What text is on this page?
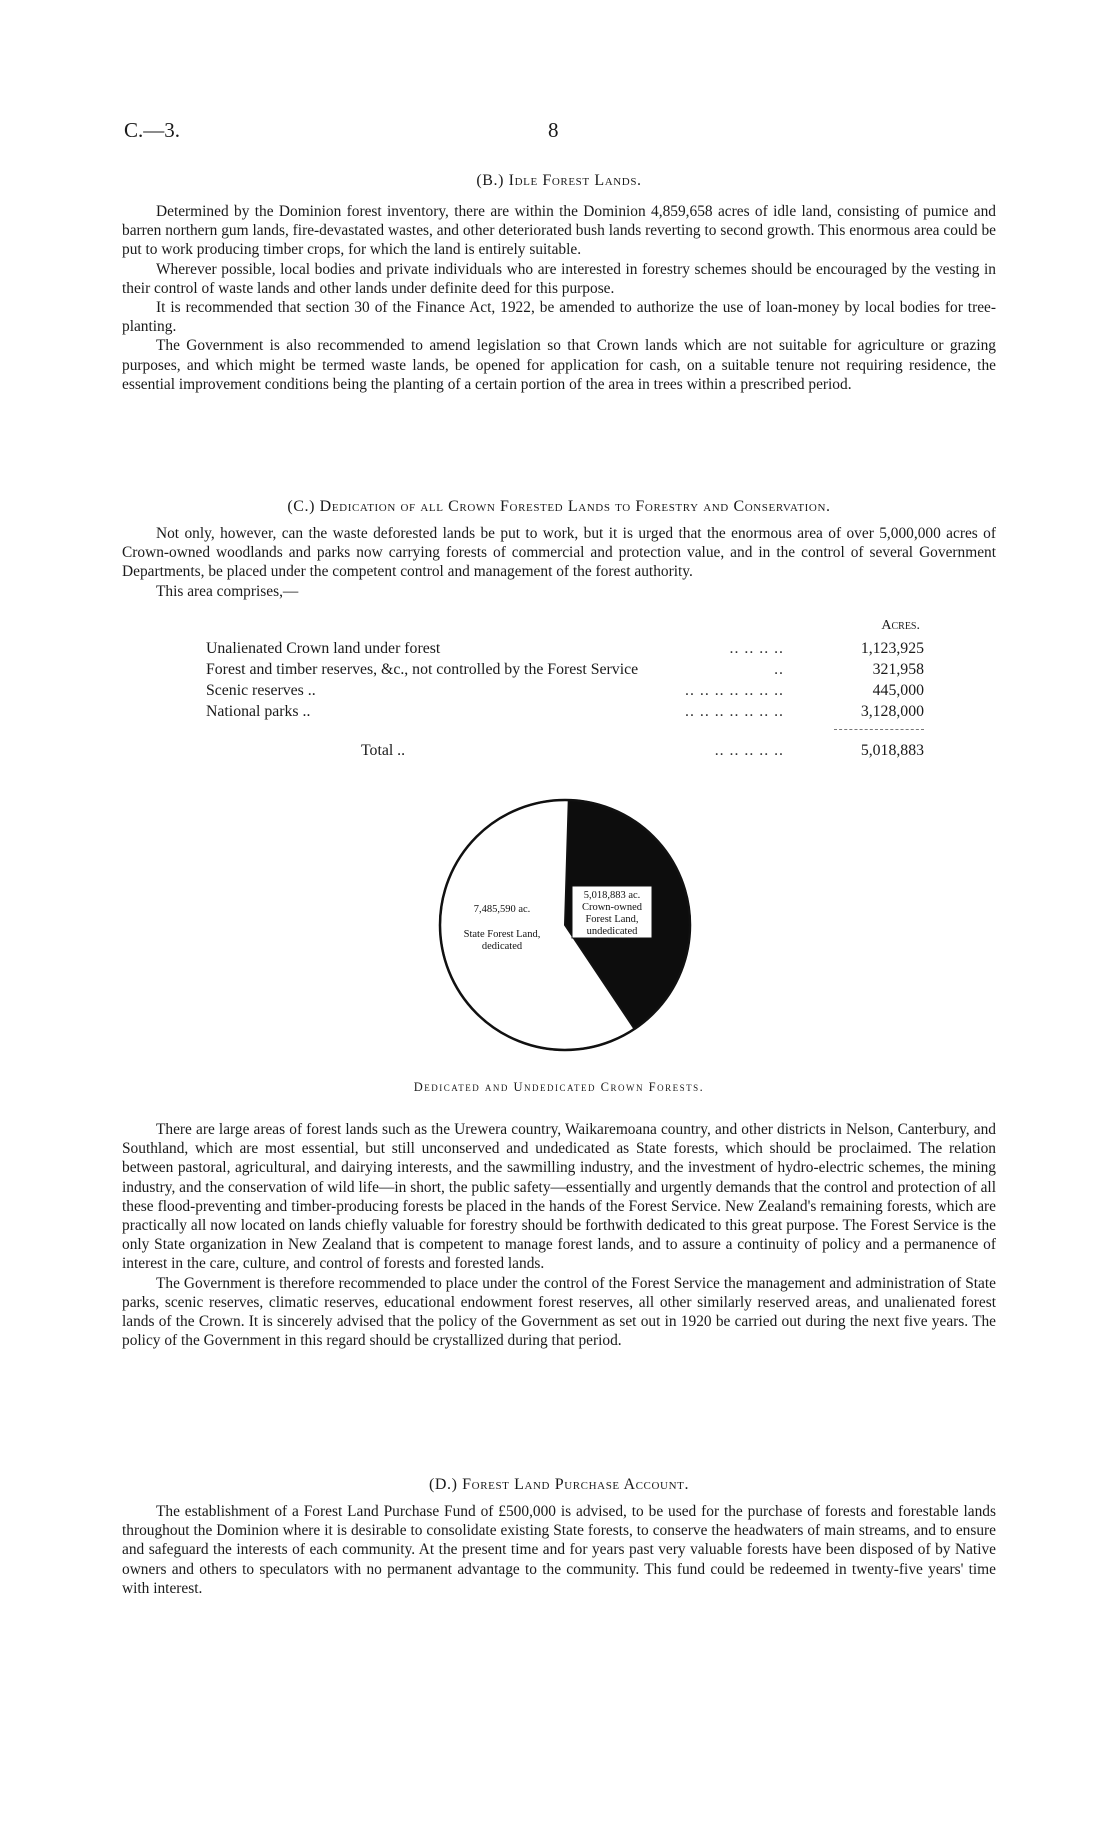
C.—3.	8

(B.) Idle Forest Lands.

Determined by the Dominion forest inventory, there are within the Dominion 4,859,658 acres of idle land, consisting of pumice and barren northern gum lands, fire-devastated wastes, and other deteriorated bush lands reverting to second growth. This enormous area could be put to work producing timber crops, for which the land is entirely suitable.

Wherever possible, local bodies and private individuals who are interested in forestry schemes should be encouraged by the vesting in their control of waste lands and other lands under definite deed for this purpose.

It is recommended that section 30 of the Finance Act, 1922, be amended to authorize the use of loan-money by local bodies for tree-planting.

The Government is also recommended to amend legislation so that Crown lands which are not suitable for agriculture or grazing purposes, and which might be termed waste lands, be opened for application for cash, on a suitable tenure not requiring residence, the essential improvement conditions being the planting of a certain portion of the area in trees within a prescribed period.

(C.) Dedication of all Crown Forested Lands to Forestry and Conservation.

Not only, however, can the waste deforested lands be put to work, but it is urged that the enormous area of over 5,000,000 acres of Crown-owned woodlands and parks now carrying forests of commercial and protection value, and in the control of several Government Departments, be placed under the competent control and management of the forest authority.

This area comprises,—

Acres.
Unalienated Crown land under forest	.. .. .. ..	1,123,925
Forest and timber reserves, &c., not controlled by the Forest Service	..	321,958
Scenic reserves ..	.. .. .. .. .. .. ..	445,000
National parks ..	.. .. .. .. .. .. ..	3,128,000
Total ..	.. .. .. .. ..	5,018,883
7,485,590 ac.
State Forest Land,
dedicated
5,018,883 ac.
Crown-owned
Forest Land,
undedicated
Dedicated and Undedicated Crown Forests.

There are large areas of forest lands such as the Urewera country, Waikaremoana country, and other districts in Nelson, Canterbury, and Southland, which are most essential, but still unconserved and undedicated as State forests, which should be proclaimed. The relation between pastoral, agricultural, and dairying interests, and the sawmilling industry, and the investment of hydro-electric schemes, the mining industry, and the conservation of wild life—in short, the public safety—essentially and urgently demands that the control and protection of all these flood-preventing and timber-producing forests be placed in the hands of the Forest Service. New Zealand's remaining forests, which are practically all now located on lands chiefly valuable for forestry should be forthwith dedicated to this great purpose. The Forest Service is the only State organization in New Zealand that is competent to manage forest lands, and to assure a continuity of policy and a permanence of interest in the care, culture, and control of forests and forested lands.

The Government is therefore recommended to place under the control of the Forest Service the management and administration of State parks, scenic reserves, climatic reserves, educational endowment forest reserves, all other similarly reserved areas, and unalienated forest lands of the Crown. It is sincerely advised that the policy of the Government as set out in 1920 be carried out during the next five years. The policy of the Government in this regard should be crystallized during that period.

(D.) Forest Land Purchase Account.

The establishment of a Forest Land Purchase Fund of £500,000 is advised, to be used for the purchase of forests and forestable lands throughout the Dominion where it is desirable to consolidate existing State forests, to conserve the headwaters of main streams, and to ensure and safeguard the interests of each community. At the present time and for years past very valuable forests have been disposed of by Native owners and others to speculators with no permanent advantage to the community. This fund could be redeemed in twenty-five years' time with interest.
